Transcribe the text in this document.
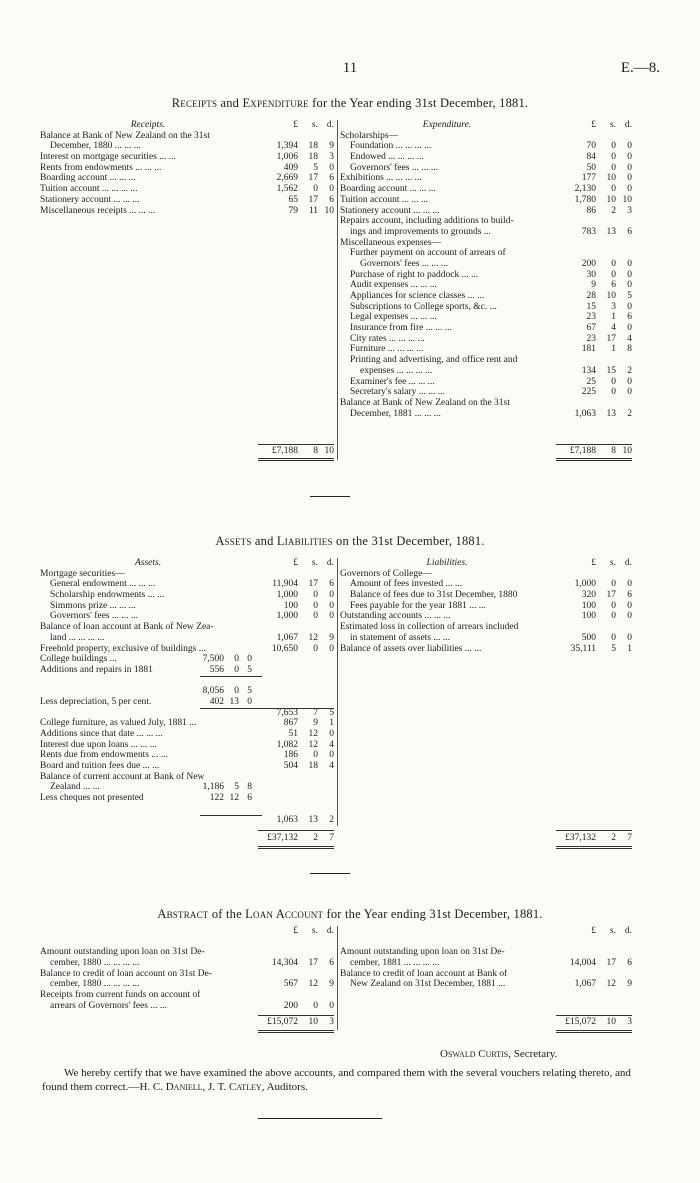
11	E.—8.
Receipts and Expenditure for the Year ending 31st December, 1881.
Receipts.	£	s. d.
Balance at Bank of New Zealand on the 31st
December, 1880 ... ... ...	1,394	18	9
Interest on mortgage securities ... ...	1,006	18	3
Rents from endowments ... ... ...	409	5	0
Boarding account ... ... ...	2,669	17	6
Tuition account ... ... ... ...	1,562	0	0
Stationery account ... ... ...	65	17	6
Miscellaneous receipts ... ... ...	79	11 10
Expenditure.	£	s. d.
Scholarships—
Foundation ... ... ... ...	70	0	0
Endowed ... ... ... ...	84	0	0
Governors' fees ... ... ...	50	0	0
Exhibitions ... ... ... ...	177	10	0
Boarding account ... ... ...	2,130	0	0
Tuition account ... ... ...	1,780	10 10
Stationery account ... ... ...	86	2	3
Repairs account, including additions to build-
ings and improvements to grounds ...	783	13	6
Miscellaneous expenses—
Further payment on account of arrears of
Governors' fees ... ... ...	200	0	0
Purchase of right to paddock ... ...	30	0	0
Audit expenses ... ... ...	9	6	0
Appliances for science classes ... ...	28	10	5
Subscriptions to College sports, &c. ...	15	3	0
Legal expenses ... ... ...	23	1	6
Insurance from fire ... ... ...	67	4	0
City rates ... ... ... ...	23	17	4
Furniture ... ... ... ...	181	1	8
Printing and advertising, and office rent and
expenses ... ... ... ...	134	15	2
Examiner's fee ... ... ...	25	0	0
Secretary's salary ... ... ...	225	0	0
Balance at Bank of New Zealand on the 31st
December, 1881 ... ... ...	1,063	13	2
£7,188	8 10	£7,188	8 10
Assets and Liabilities on the 31st December, 1881.
Assets.	£	s. d.
Mortgage securities—
General endowment ... ... ...	11,904	17	6
Scholarship endowments ... ...	1,000	0	0
Simmons prize ... ... ...	100	0	0
Governors' fees ... ... ...	1,000	0	0
Balance of loan account at Bank of New Zea-
land ... ... ... ...	1,067	12	9
Freehold property, exclusive of buildings ...	10,650	0	0
College buildings ...	7,500	0 0
Additions and repairs in 1881	556	0 5
8,056	0 5
Less depreciation, 5 per cent.	402 13 0
7,653	7	5
College furniture, as valued July, 1881 ...	867	9	1
Additions since that date ... ... ...	51	12	0
Interest due upon loans ... ... ...	1,082	12	4
Rents due from endowments ... ...	186	0	0
Board and tuition fees due ... ...	504	18	4
Balance of current account at Bank of New
Zealand ... ...	1,186	5 8
Less cheques not presented	122 12 6
1,063	13	2
Liabilities.	£	s. d.
Governors of College—
Amount of fees invested ... ...	1,000	0	0
Balance of fees due to 31st December, 1880	320	17	6
Fees payable for the year 1881 ... ...	100	0	0
Outstanding accounts ... ... ...	100	0	0
Estimated loss in collection of arrears included
in statement of assets ... ...	500	0	0
Balance of assets over liabilities ... ...	35,111	5	1
£37,132	2	7	£37,132	2	7
Abstract of the Loan Account for the Year ending 31st December, 1881.
£	s. d.
Amount outstanding upon loan on 31st De-
cember, 1880 ... ... ... ...	14,304	17	6
Balance to credit of loan account on 31st De-
cember, 1880 ... ... ... ...	567	12	9
Receipts from current funds on account of
arrears of Governors' fees ... ...	200	0	0
£	s. d.
Amount outstanding upon loan on 31st De-
cember, 1881 ... ... ... ...	14,004	17	6
Balance to credit of loan account at Bank of
New Zealand on 31st December, 1881 ...	1,067	12	9
£15,072	10	3	£15,072	10	3
Oswald Curtis, Secretary.
We hereby certify that we have examined the above accounts, and compared them with the several vouchers relating thereto, and found them correct.—H. C. Daniell, J. T. Catley, Auditors.
